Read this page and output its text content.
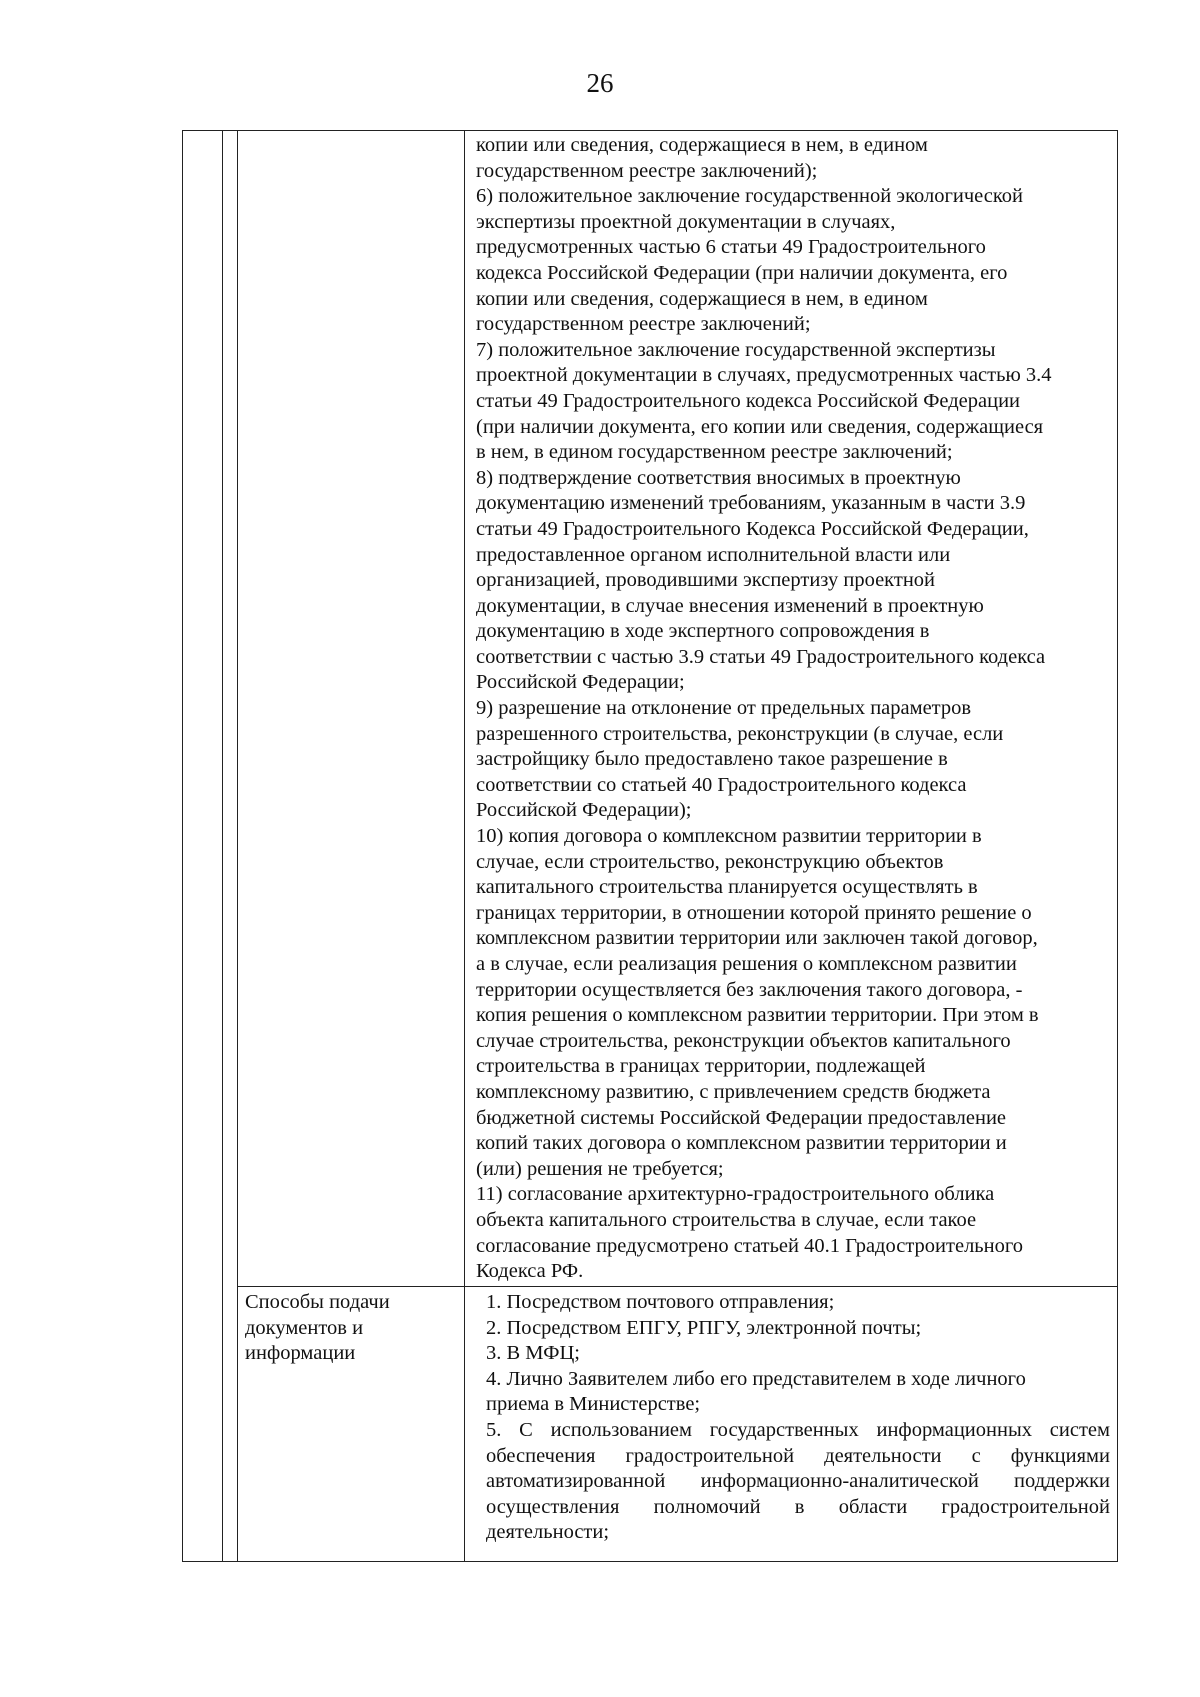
26
копии или сведения, содержащиеся в нем, в едином
государственном реестре заключений);
6) положительное заключение государственной экологической
экспертизы проектной документации в случаях,
предусмотренных частью 6 статьи 49 Градостроительного
кодекса Российской Федерации (при наличии документа, его
копии или сведения, содержащиеся в нем, в едином
государственном реестре заключений;
7) положительное заключение государственной экспертизы
проектной документации в случаях, предусмотренных частью 3.4
статьи 49 Градостроительного кодекса Российской Федерации
(при наличии документа, его копии или сведения, содержащиеся
в нем, в едином государственном реестре заключений;
8) подтверждение соответствия вносимых в проектную
документацию изменений требованиям, указанным в части 3.9
статьи 49 Градостроительного Кодекса Российской Федерации,
предоставленное органом исполнительной власти или
организацией, проводившими экспертизу проектной
документации, в случае внесения изменений в проектную
документацию в ходе экспертного сопровождения в
соответствии с частью 3.9 статьи 49 Градостроительного кодекса
Российской Федерации;
9) разрешение на отклонение от предельных параметров
разрешенного строительства, реконструкции (в случае, если
застройщику было предоставлено такое разрешение в
соответствии со статьей 40 Градостроительного кодекса
Российской Федерации);
10) копия договора о комплексном развитии территории в
случае, если строительство, реконструкцию объектов
капитального строительства планируется осуществлять в
границах территории, в отношении которой принято решение о
комплексном развитии территории или заключен такой договор,
а в случае, если реализация решения о комплексном развитии
территории осуществляется без заключения такого договора, -
копия решения о комплексном развитии территории. При этом в
случае строительства, реконструкции объектов капитального
строительства в границах территории, подлежащей
комплексному развитию, с привлечением средств бюджета
бюджетной системы Российской Федерации предоставление
копий таких договора о комплексном развитии территории и
(или) решения не требуется;
11) согласование архитектурно-градостроительного облика
объекта капитального строительства в случае, если такое
согласование предусмотрено статьей 40.1 Градостроительного
Кодекса РФ.
Способы подачи
документов и
информации
1. Посредством почтового отправления;
2. Посредством ЕПГУ, РПГУ, электронной почты;
3. В МФЦ;
4. Лично Заявителем либо его представителем в ходе личного
приема в Министерстве;
5. С использованием государственных информационных систем
обеспечения градостроительной деятельности с функциями
автоматизированной информационно-аналитической поддержки
осуществления полномочий в области градостроительной
деятельности;
